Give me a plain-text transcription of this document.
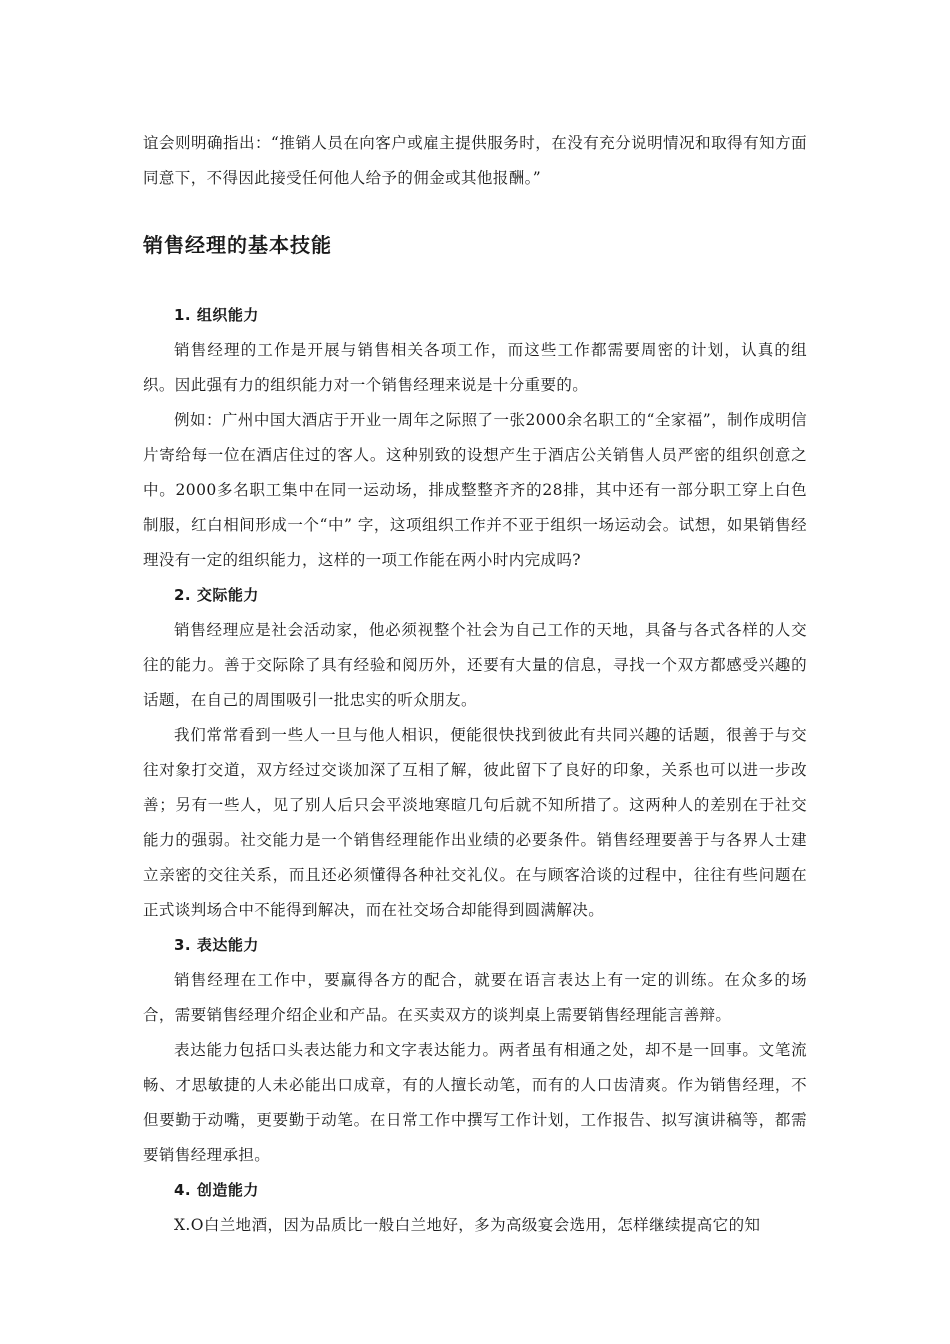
谊会则明确指出：“推销人员在向客户或雇主提供服务时，在没有充分说明情况和取得有知方面同意下，不得因此接受任何他人给予的佣金或其他报酬。”

销售经理的基本技能
1. 组织能力

销售经理的工作是开展与销售相关各项工作，而这些工作都需要周密的计划，认真的组织。因此强有力的组织能力对一个销售经理来说是十分重要的。

例如：广州中国大酒店于开业一周年之际照了一张2000余名职工的“全家福”，制作成明信片寄给每一位在酒店住过的客人。这种别致的设想产生于酒店公关销售人员严密的组织创意之中。2000多名职工集中在同一运动场，排成整整齐齐的28排，其中还有一部分职工穿上白色制服，红白相间形成一个“中” 字，这项组织工作并不亚于组织一场运动会。试想，如果销售经理没有一定的组织能力，这样的一项工作能在两小时内完成吗?

2. 交际能力

销售经理应是社会活动家，他必须视整个社会为自己工作的天地，具备与各式各样的人交往的能力。善于交际除了具有经验和阅历外，还要有大量的信息，寻找一个双方都感受兴趣的话题，在自己的周围吸引一批忠实的听众朋友。

我们常常看到一些人一旦与他人相识，便能很快找到彼此有共同兴趣的话题，很善于与交往对象打交道，双方经过交谈加深了互相了解，彼此留下了良好的印象，关系也可以进一步改善；另有一些人，见了别人后只会平淡地寒暄几句后就不知所措了。这两种人的差别在于社交能力的强弱。社交能力是一个销售经理能作出业绩的必要条件。销售经理要善于与各界人士建立亲密的交往关系，而且还必须懂得各种社交礼仪。在与顾客洽谈的过程中，往往有些问题在正式谈判场合中不能得到解决，而在社交场合却能得到圆满解决。

3. 表达能力

销售经理在工作中，要赢得各方的配合，就要在语言表达上有一定的训练。在众多的场合，需要销售经理介绍企业和产品。在买卖双方的谈判桌上需要销售经理能言善辩。

表达能力包括口头表达能力和文字表达能力。两者虽有相通之处，却不是一回事。文笔流畅、才思敏捷的人未必能出口成章，有的人擅长动笔，而有的人口齿清爽。作为销售经理，不但要勤于动嘴，更要勤于动笔。在日常工作中撰写工作计划，工作报告、拟写演讲稿等，都需要销售经理承担。

4. 创造能力

X.O白兰地酒，因为品质比一般白兰地好，多为高级宴会选用，怎样继续提高它的知
